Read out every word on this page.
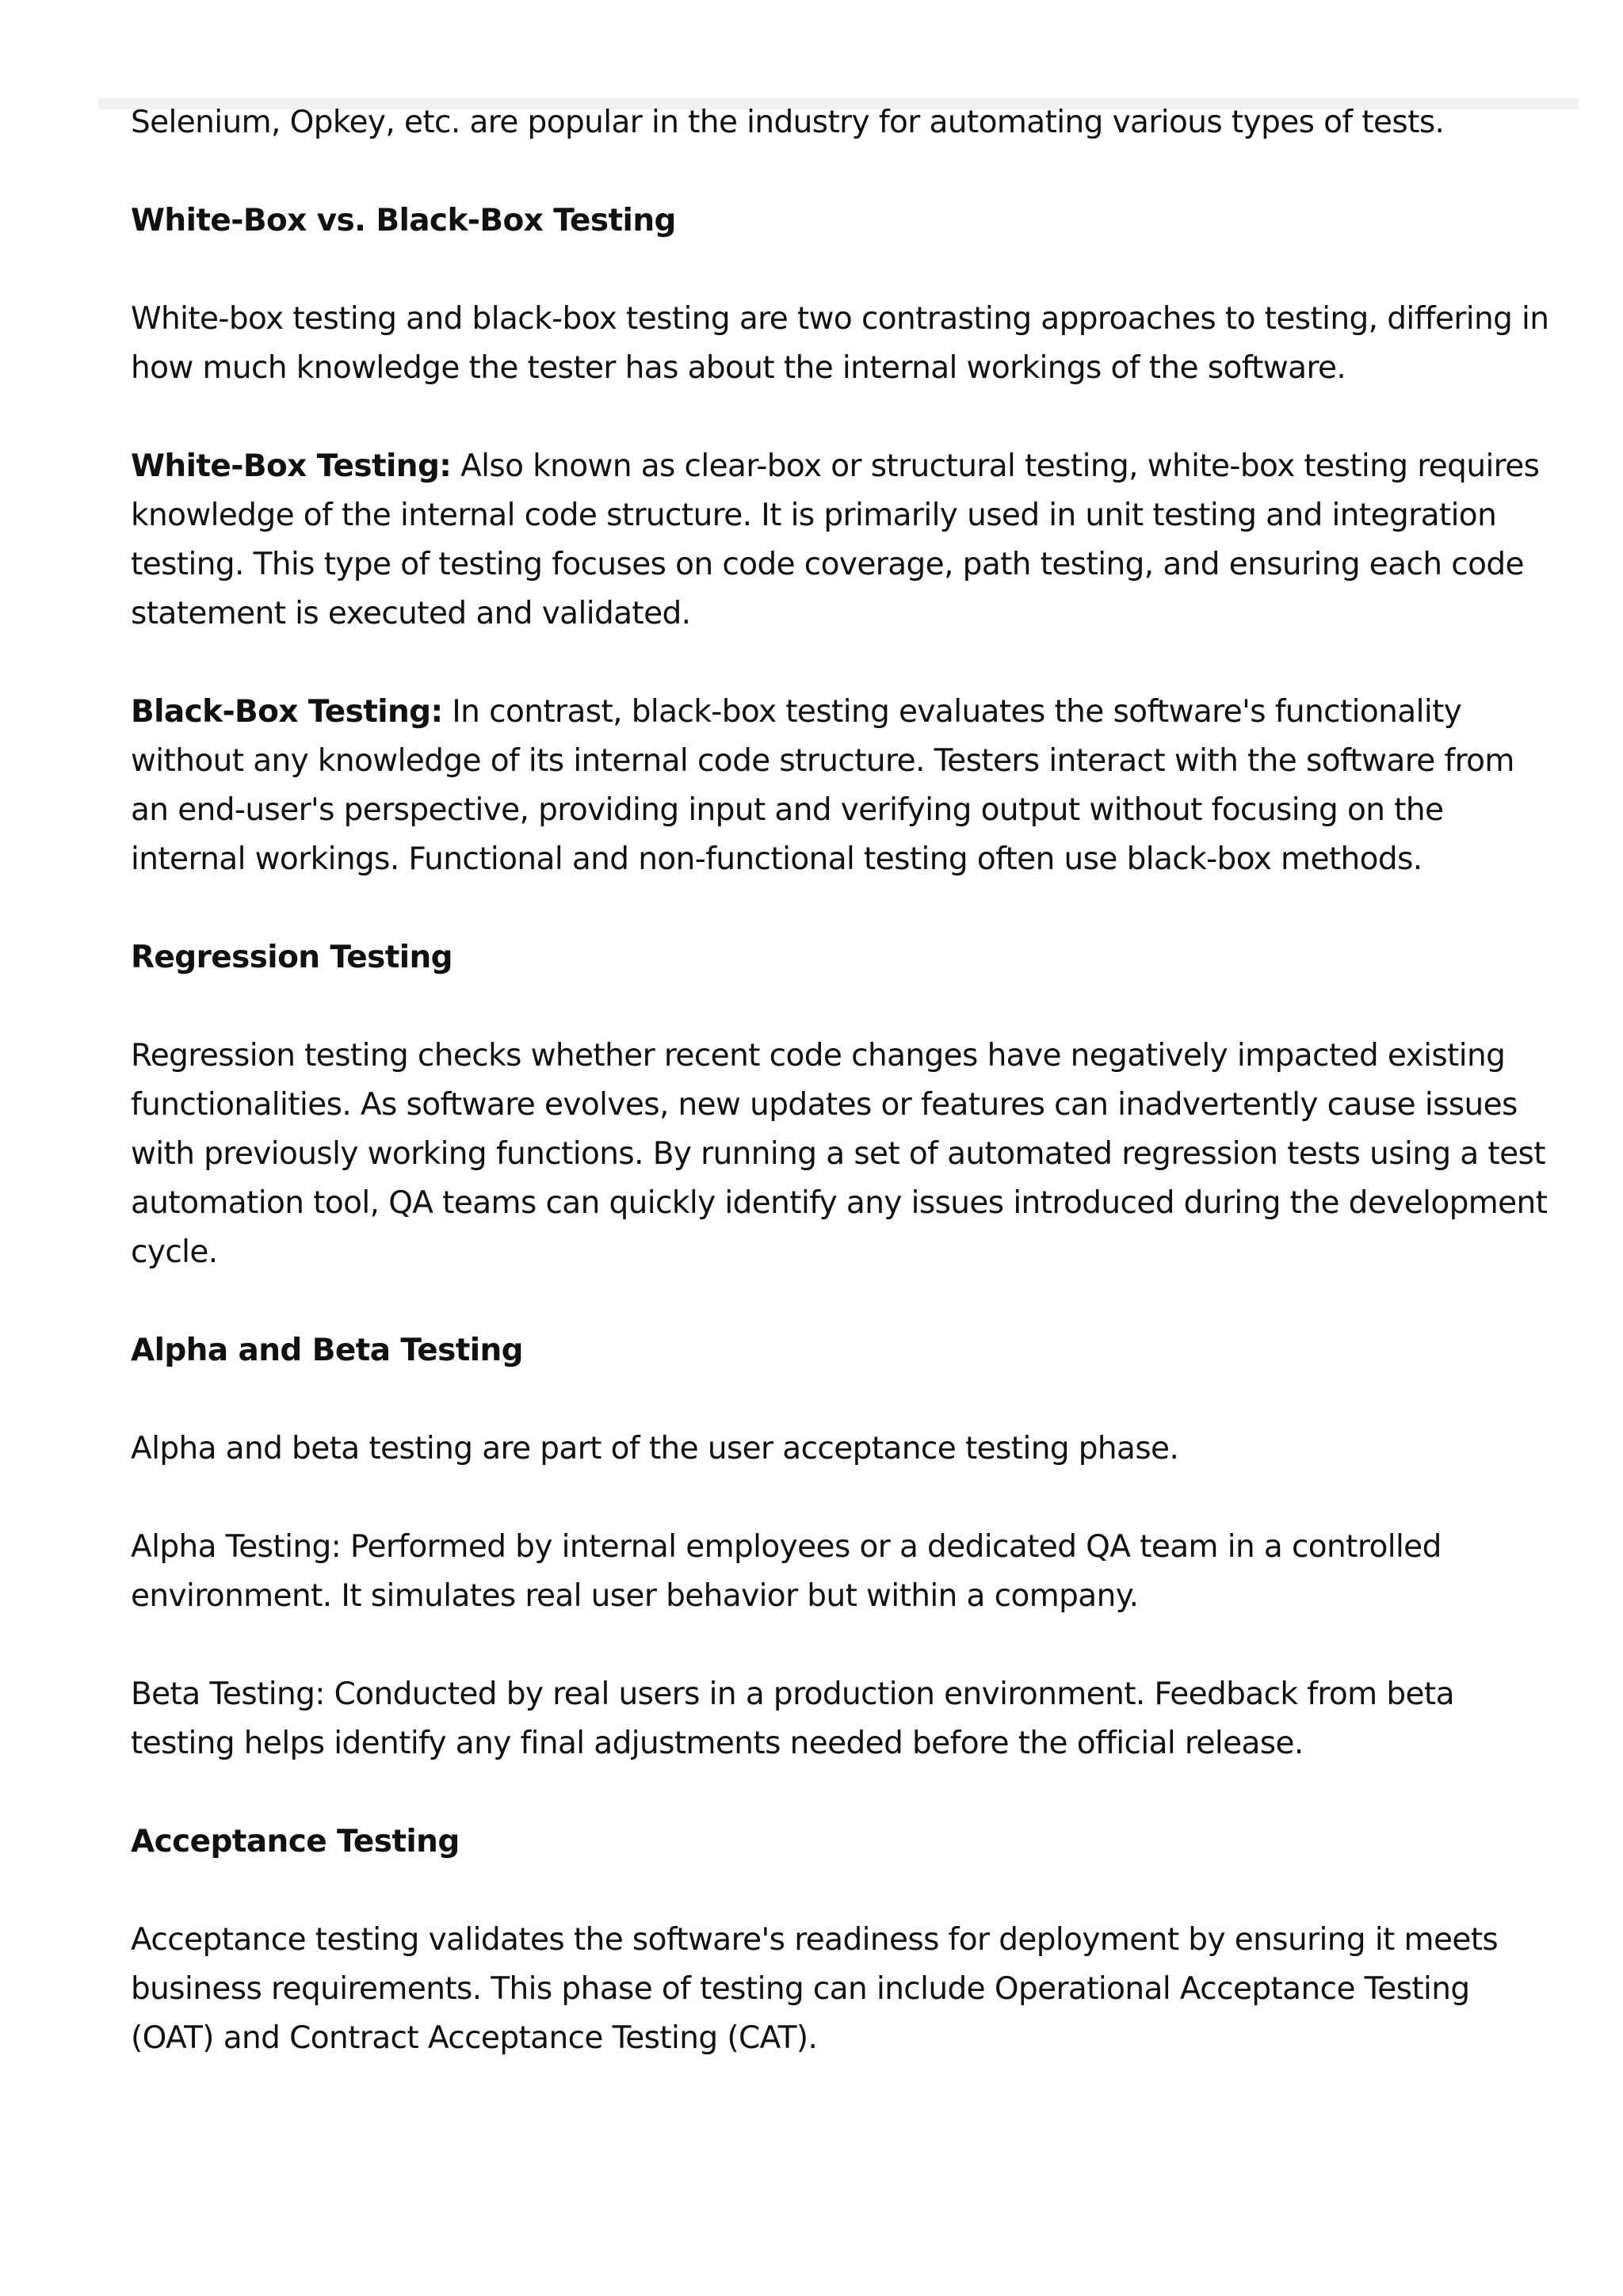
Selenium, Opkey, etc. are popular in the industry for automating various types of tests.

White-Box vs. Black-Box Testing

White-box testing and black-box testing are two contrasting approaches to testing, differing in how much knowledge the tester has about the internal workings of the software.

White-Box Testing: Also known as clear-box or structural testing, white-box testing requires knowledge of the internal code structure. It is primarily used in unit testing and integration testing. This type of testing focuses on code coverage, path testing, and ensuring each code statement is executed and validated.

Black-Box Testing: In contrast, black-box testing evaluates the software's functionality without any knowledge of its internal code structure. Testers interact with the software from an end-user's perspective, providing input and verifying output without focusing on the internal workings. Functional and non-functional testing often use black-box methods.

Regression Testing

Regression testing checks whether recent code changes have negatively impacted existing functionalities. As software evolves, new updates or features can inadvertently cause issues with previously working functions. By running a set of automated regression tests using a test automation tool, QA teams can quickly identify any issues introduced during the development cycle.

Alpha and Beta Testing

Alpha and beta testing are part of the user acceptance testing phase.

Alpha Testing: Performed by internal employees or a dedicated QA team in a controlled environment. It simulates real user behavior but within a company.

Beta Testing: Conducted by real users in a production environment. Feedback from beta testing helps identify any final adjustments needed before the official release.

Acceptance Testing

Acceptance testing validates the software's readiness for deployment by ensuring it meets business requirements. This phase of testing can include Operational Acceptance Testing (OAT) and Contract Acceptance Testing (CAT).
